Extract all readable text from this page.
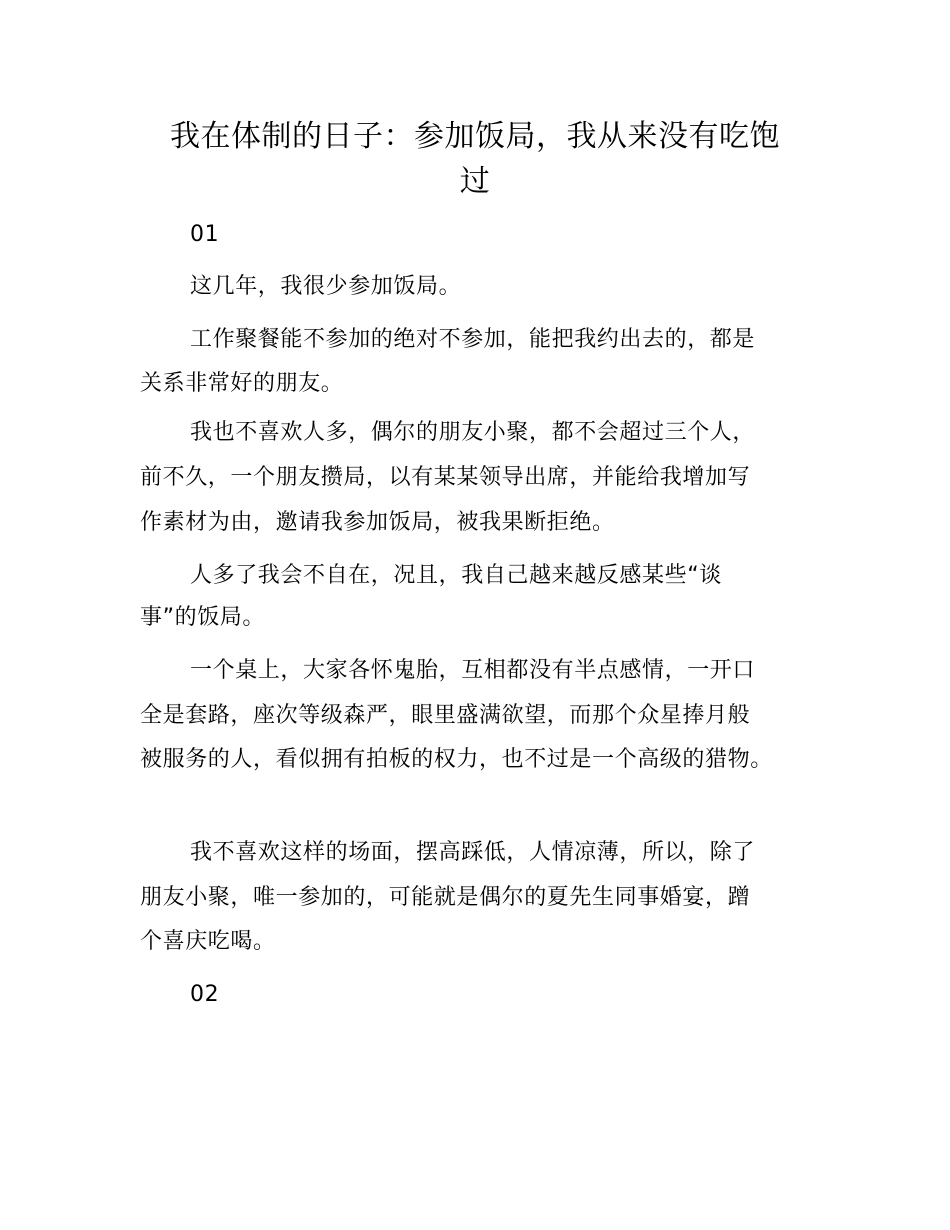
我在体制的日子：参加饭局，我从来没有吃饱
过

01

这几年，我很少参加饭局。

工作聚餐能不参加的绝对不参加，能把我约出去的，都是

关系非常好的朋友。

我也不喜欢人多，偶尔的朋友小聚，都不会超过三个人，

前不久，一个朋友攒局，以有某某领导出席，并能给我增加写

作素材为由，邀请我参加饭局，被我果断拒绝。

人多了我会不自在，况且，我自己越来越反感某些“谈

事”的饭局。

一个桌上，大家各怀鬼胎，互相都没有半点感情，一开口

全是套路，座次等级森严，眼里盛满欲望，而那个众星捧月般

被服务的人，看似拥有拍板的权力，也不过是一个高级的猎物。

我不喜欢这样的场面，摆高踩低，人情凉薄，所以，除了

朋友小聚，唯一参加的，可能就是偶尔的夏先生同事婚宴，蹭

个喜庆吃喝。

02
